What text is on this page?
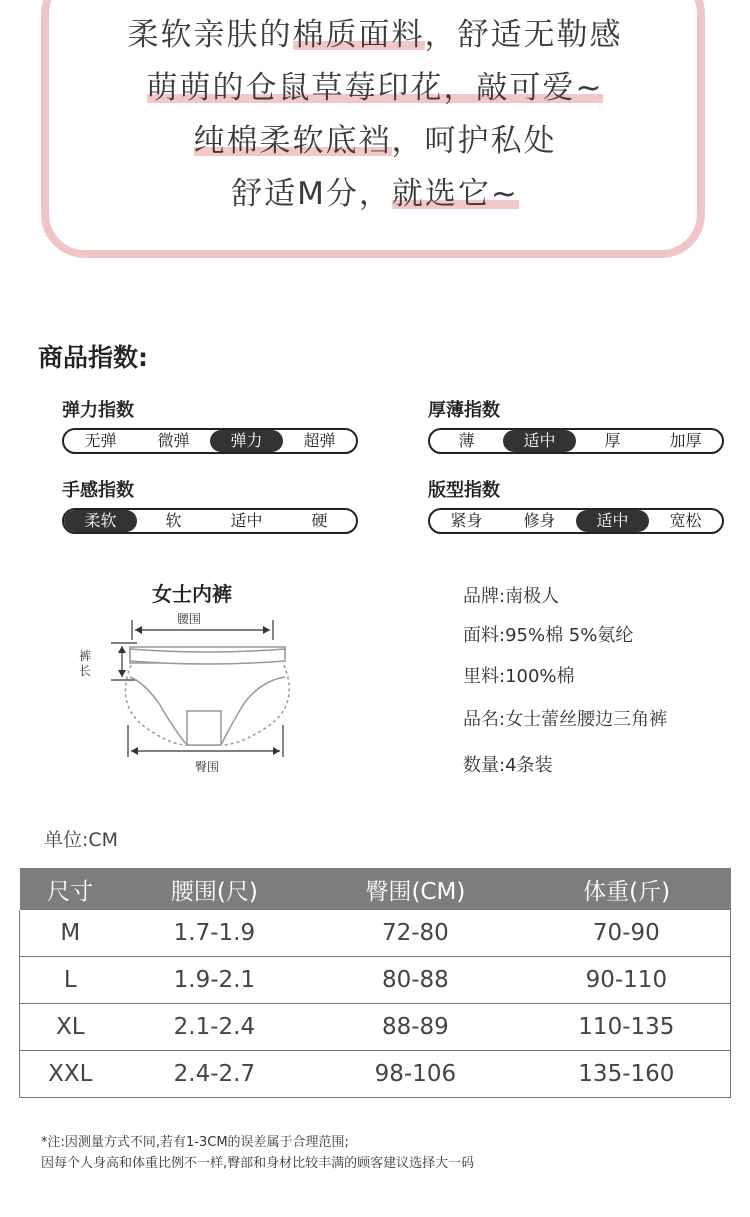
柔软亲肤的棉质面料，舒适无勒感
萌萌的仓鼠草莓印花，敲可爱~
纯棉柔软底裆，呵护私处
舒适M分，就选它~
商品指数:
弹力指数
无弹	微弹	弹力	超弹
厚薄指数
薄	适中	厚	加厚
手感指数
柔软	软	适中	硬
版型指数
紧身	修身	适中	宽松
女士内裤
腰围
裤
长
臀围
品牌:南极人
面料:95%棉 5%氨纶
里料:100%棉
品名:女士蕾丝腰边三角裤
数量:4条装
单位:CM
尺寸	腰围(尺)	臀围(CM)	体重(斤)
M	1.7-1.9	72-80	70-90
L	1.9-2.1	80-88	90-110
XL	2.1-2.4	88-89	110-135
XXL	2.4-2.7	98-106	135-160
*注:因测量方式不同,若有1-3CM的误差属于合理范围;
因每个人身高和体重比例不一样,臀部和身材比较丰满的顾客建议选择大一码
